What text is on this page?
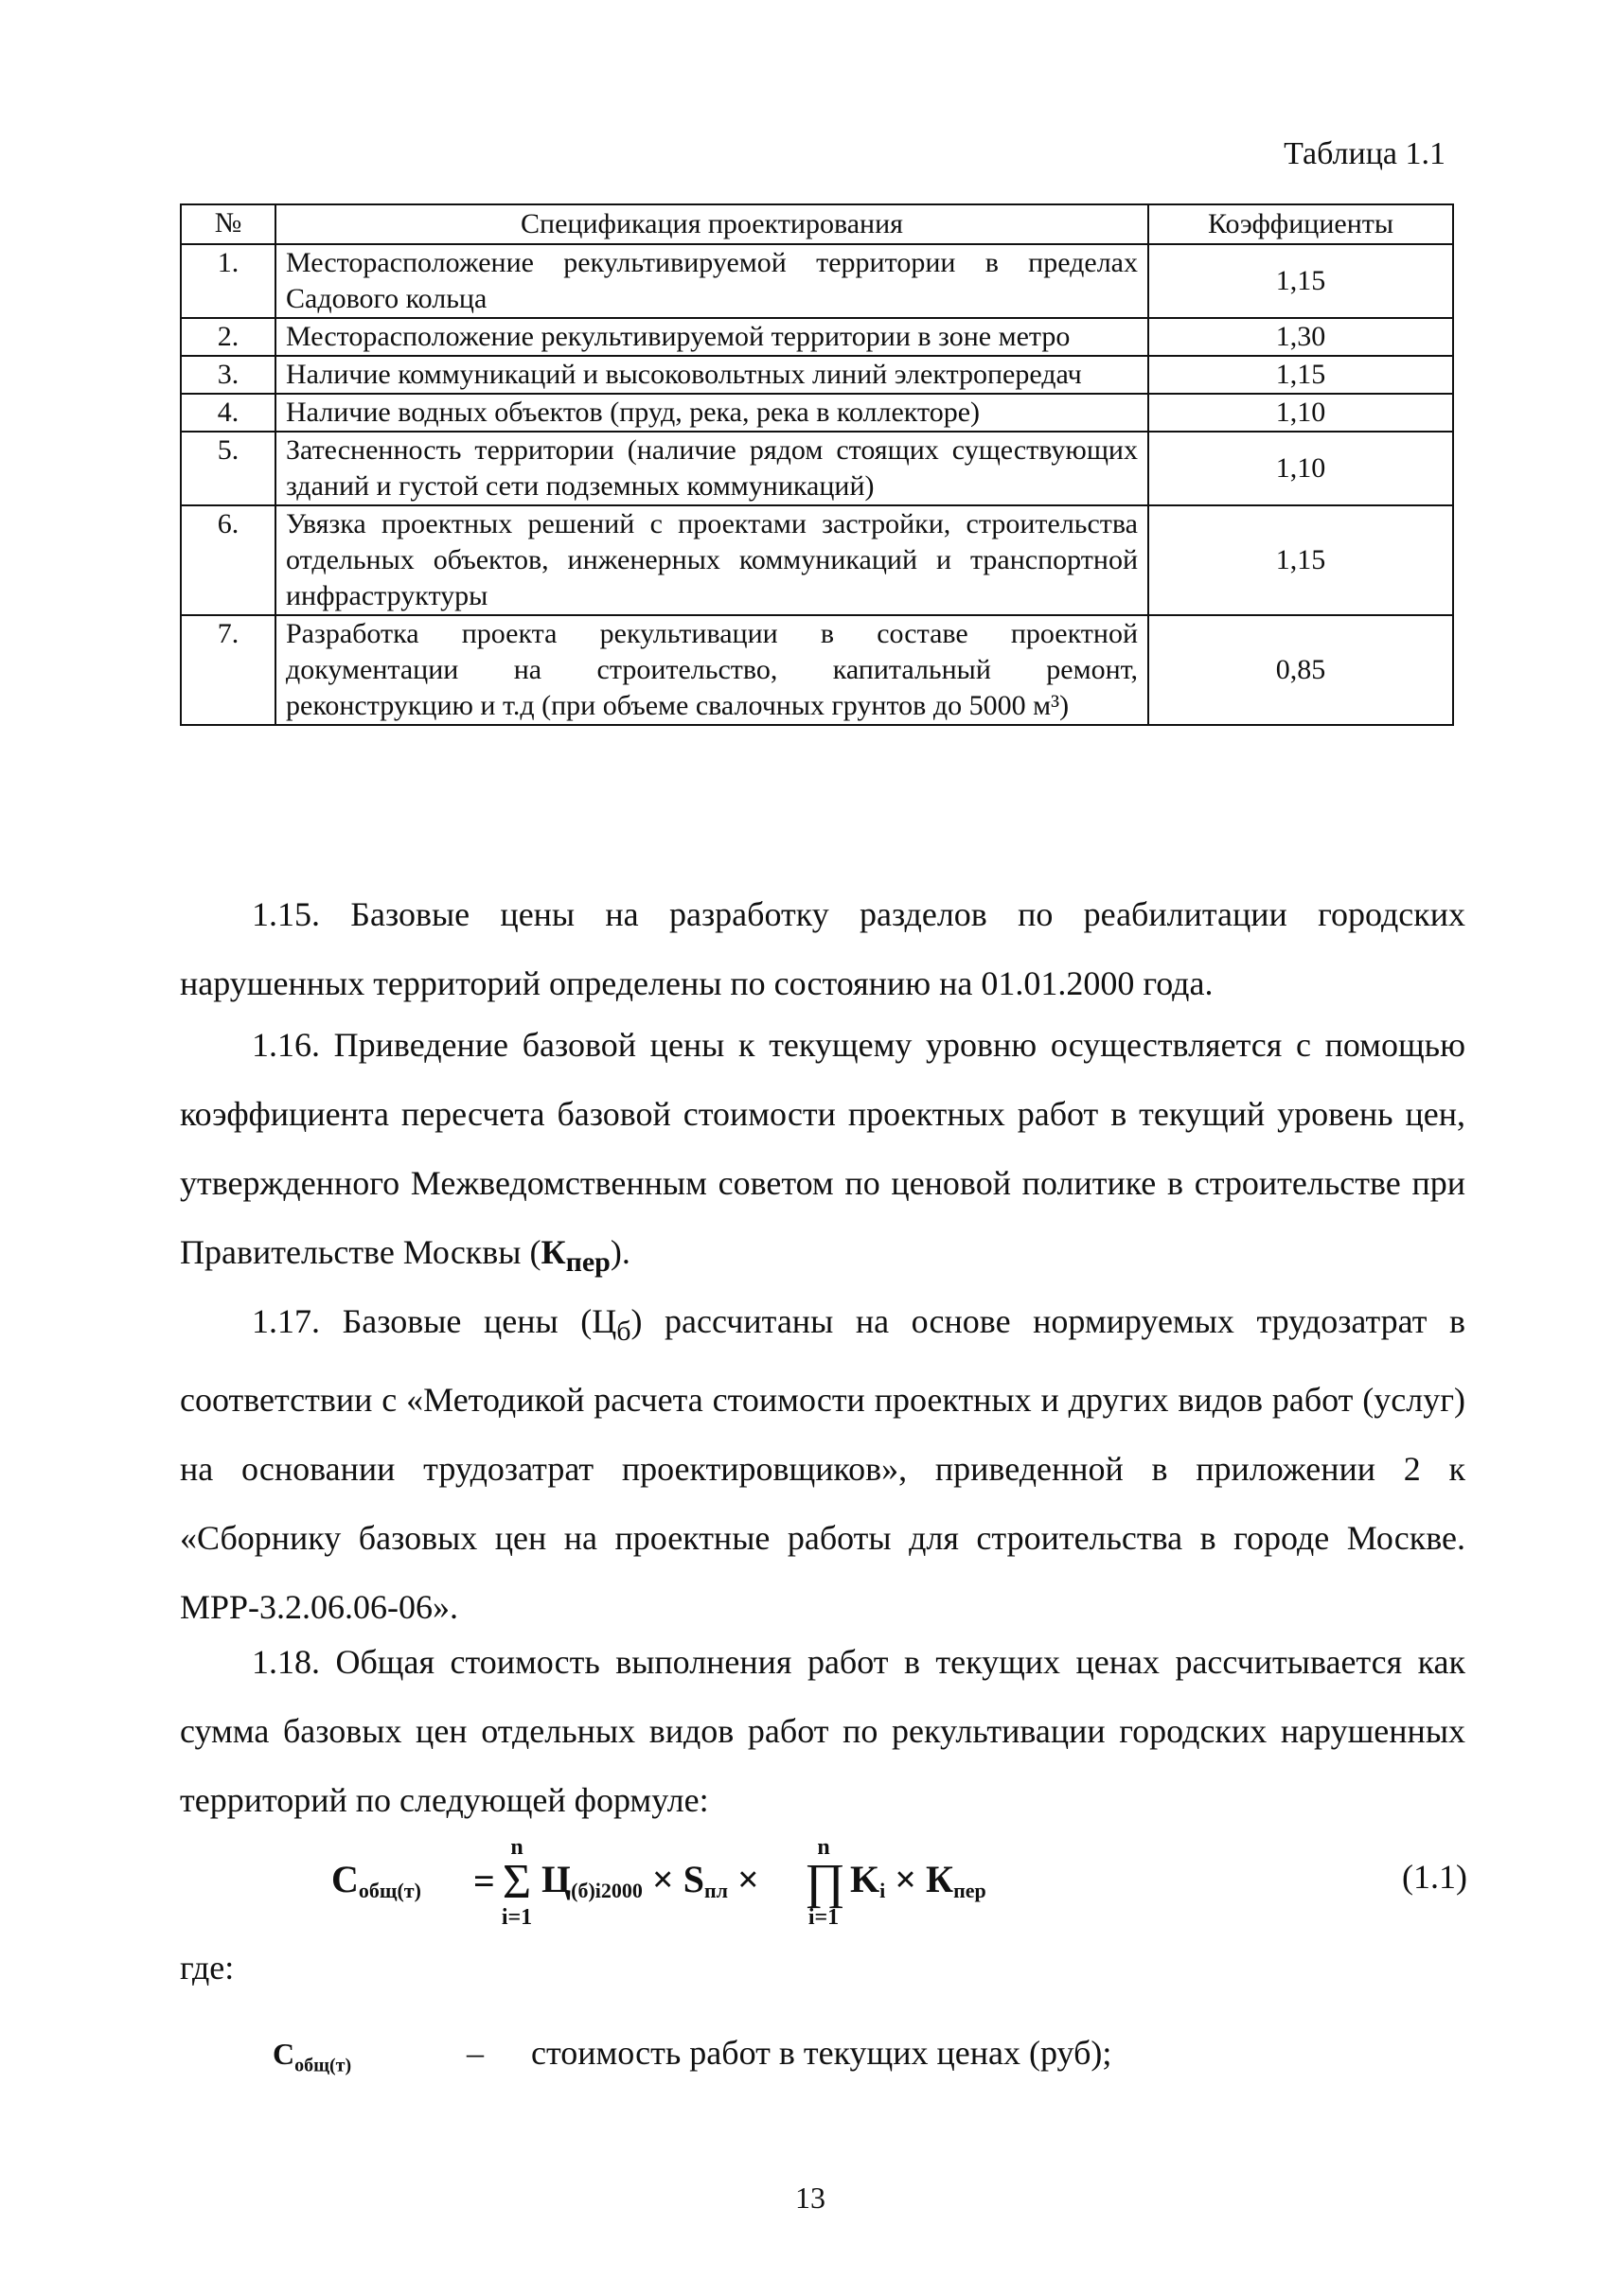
Таблица 1.1
№	Спецификация проектирования	Коэффициенты
1.	Месторасположение рекультивируемой территории в пределах Садового кольца	1,15
2.	Месторасположение рекультивируемой территории в зоне метро	1,30
3.	Наличие коммуникаций и высоковольтных линий электропередач	1,15
4.	Наличие водных объектов (пруд, река, река в коллекторе)	1,10
5.	Затесненность территории (наличие рядом стоящих существующих зданий и густой сети подземных коммуникаций)	1,10
6.	Увязка проектных решений с проектами застройки, строительства отдельных объектов, инженерных коммуникаций и транспортной инфраструктуры	1,15
7.	Разработка проекта рекультивации в составе проектной документации на строительство, капитальный ремонт, реконструкцию и т.д (при объеме свалочных грунтов до 5000 м³)	0,85

1.15. Базовые цены на разработку разделов по реабилитации городских нарушенных территорий определены по состоянию на 01.01.2000 года.

1.16. Приведение базовой цены к текущему уровню осуществляется с помощью коэффициента пересчета базовой стоимости проектных работ в текущий уровень цен, утвержденного Межведомственным советом по ценовой политике в строительстве при Правительстве Москвы $(К_{пер})$.

1.17. Базовые цены $(Ц_б)$ рассчитаны на основе нормируемых трудозатрат в соответствии с «Методикой расчета стоимости проектных и других видов работ (услуг) на основании трудозатрат проектировщиков», приведенной в приложении 2 к «Сборнику базовых цен на проектные работы для строительства в городе Москве. МРР-3.2.06.06-06».

1.18. Общая стоимость выполнения работ в текущих ценах рассчитывается как сумма базовых цен отдельных видов работ по рекультивации городских нарушенных территорий по следующей формуле:

$С_{общ(т)}$ =
n
Σ
i=1
$Ц_{(б)i2000} \times S_{пл}$ ×
n
∏
i=1
$K_i \times К_{пер}$	(1.1)
где:
$С_{общ(т)}$	– стоимость работ в текущих ценах (руб);
13
